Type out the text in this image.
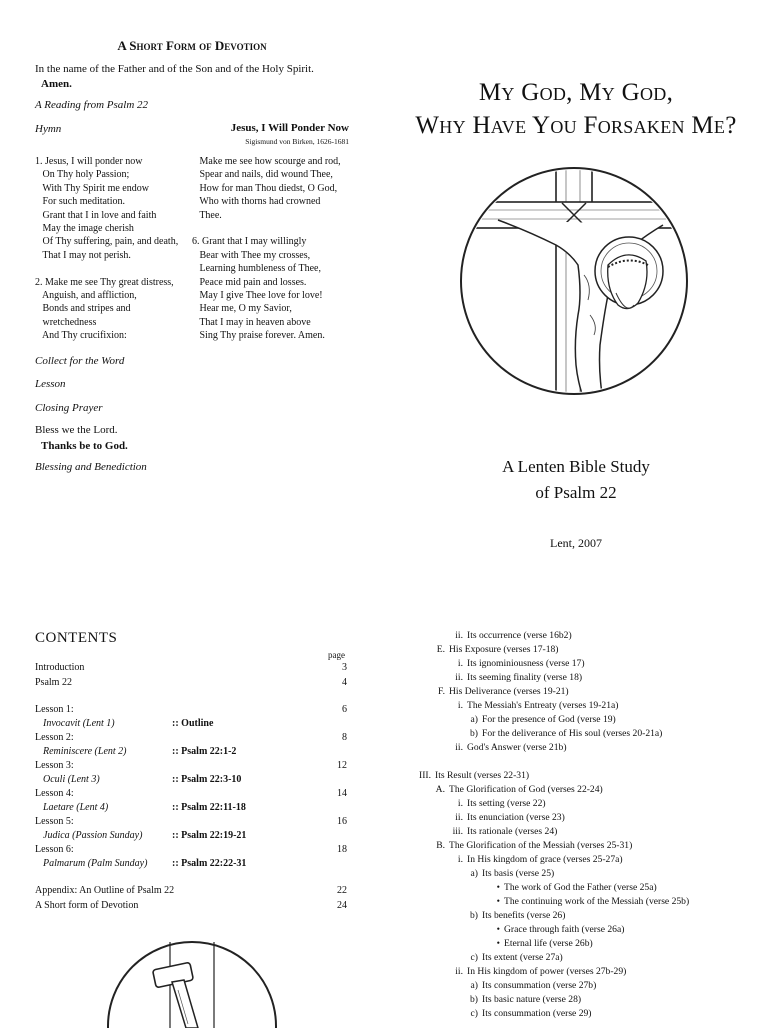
A Short Form of Devotion
In the name of the Father and of the Son and of the Holy Spirit.
Amen.
A Reading from Psalm 22
Hymn	Jesus, I Will Ponder Now
Sigismund von Birken, 1626-1681
1. Jesus, I will ponder now
On Thy holy Passion;
With Thy Spirit me endow
For such meditation.
Grant that I in love and faith
May the image cherish
Of Thy suffering, pain, and death,
That I may not perish.

2. Make me see Thy great distress,
Anguish, and affliction,
Bonds and stripes and
wretchedness
And Thy crucifixion:
Make me see how scourge and rod,
Spear and nails, did wound Thee,
How for man Thou diedst, O God,
Who with thorns had crowned
Thee.

6. Grant that I may willingly
Bear with Thee my crosses,
Learning humbleness of Thee,
Peace mid pain and losses.
May I give Thee love for love!
Hear me, O my Savior,
That I may in heaven above
Sing Thy praise forever. Amen.
Collect for the Word
Lesson
Closing Prayer
Bless we the Lord.
Thanks be to God.
Blessing and Benediction
My God, My God,
Why Have You Forsaken Me?
A Lenten Bible Study
of Psalm 22
Lent, 2007
CONTENTS
page
Introduction	3
Psalm 22	4
Lesson 1:	6
Invocavit (Lent 1)	:: Outline
Lesson 2:	8
Reminiscere (Lent 2)	:: Psalm 22:1-2
Lesson 3:	12
Oculi (Lent 3)	:: Psalm 22:3-10
Lesson 4:	14
Laetare (Lent 4)	:: Psalm 22:11-18
Lesson 5:	16
Judica (Passion Sunday)	:: Psalm 22:19-21
Lesson 6:	18
Palmarum (Palm Sunday) :: Psalm 22:22-31
Appendix: An Outline of Psalm 22	22
A Short form of Devotion	24
ii. Its occurrence (verse 16b2)
E. His Exposure (verses 17-18)
i. Its ignominiousness (verse 17)
ii. Its seeming finality (verse 18)
F. His Deliverance (verses 19-21)
i. The Messiah's Entreaty (verses 19-21a)
a) For the presence of God (verse 19)
b) For the deliverance of His soul (verses 20-21a)
ii. God's Answer (verse 21b)
III. Its Result (verses 22-31)
A. The Glorification of God (verses 22-24)
i. Its setting (verse 22)
ii. Its enunciation (verse 23)
iii. Its rationale (verses 24)
B. The Glorification of the Messiah (verses 25-31)
i. In His kingdom of grace (verses 25-27a)
a) Its basis (verse 25)
• The work of God the Father (verse 25a)
• The continuing work of the Messiah (verse 25b)
b) Its benefits (verse 26)
• Grace through faith (verse 26a)
• Eternal life (verse 26b)
c) Its extent (verse 27a)
ii. In His kingdom of power (verses 27b-29)
a) Its consummation (verse 27b)
b) Its basic nature (verse 28)
c) Its consummation (verse 29)
